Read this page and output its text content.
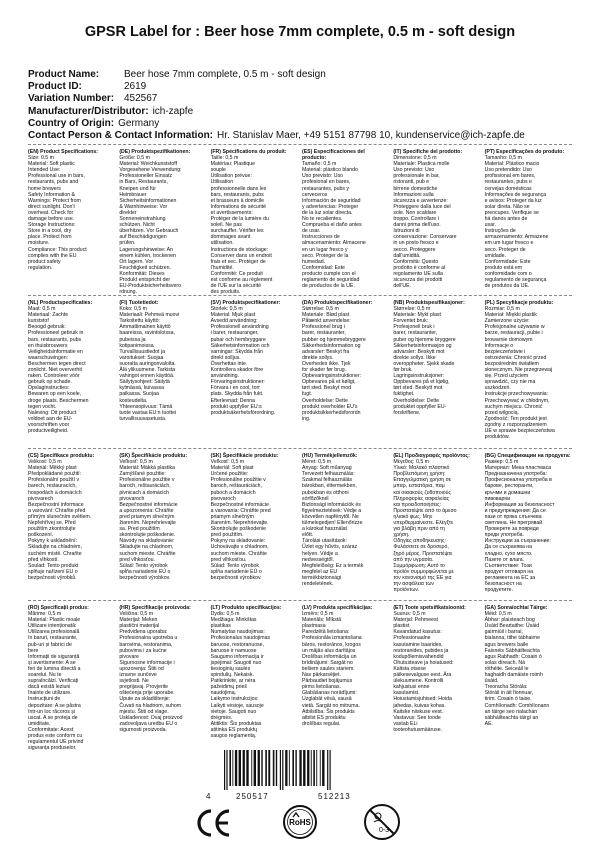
GPSR Label for : Beer hose 7mm complete, 0.5 m - soft design
Product Name: Beer hose 7mm complete, 0.5 m - soft design
Product ID:	2619
Variation Number: 452567
Manufacturer/Distributor: ich-zapfe
Country of Origin: Germany
Contact Person & Contact Information: Hr. Stanislav Maer, +49 5151 87798 10, kundenservice@ich-zapfe.de
(EN) Product Specifications:
Size: 0.5 m
Material: Soft plastic
Intended Use:
Professional use in bars,
restaurants, pubs and
home brewers
Safety Information &
Warnings: Protect from
direct sunlight. Don't
overheat. Check for
damage before use.
Storage Instructions:
Store in a cool, dry
place. Protect from
moisture.
Compliance: This product
complies with the EU
product safety
regulation.
(DE) Produktspezifikationen:
Größe: 0,5 m
Material: Weichkunststoff
Vorgesehene Verwendung:
Professioneller Einsatz
in Bars, Restaurants,
Kneipen und für
Heimbrauer
Sicherheitsinformationen
& Warnhinweise: Vor
direkter
Sonneneinstrahlung
schützen. Nicht
überhitzen. Vor Gebrauch
auf Beschädigungen
prüfen.
Lagerungshinweise: An
einem kühlen, trockenen
Ort lagern. Vor
Feuchtigkeit schützen.
Konformität: Dieses
Produkt entspricht der
EU-Produktsicherheitsvero
rdnung.
(FR) Spécifications du produit:
Taille: 0,5 m
Matériau: Plastique
souple
Utilisation prévue:
Utilisation
professionnelle dans les
bars, restaurants, pubs
et brasseurs à domicile
Informations de sécurité
et avertissements:
Protéger de la lumière du
soleil. Ne pas
surchauffer. Vérifier les
dommages avant
utilisation.
Instructions de stockage:
Conserver dans un endroit
frais et sec. Protéger de
l'humidité.
Conformité: Ce produit
est conforme au règlement
de l'UE sur la sécurité
des produits.
(ES) Especificaciones del producto:
Tamaño: 0,5 m
Material: plástico blando
Uso previsto: Uso
profesional en bares,
restaurantes, pubs y
cerveceros
Información de seguridad
y advertencias: Proteger
de la luz solar directa.
No te recalientes.
Comprueba el daño antes
de usar.
Instrucciones de
almacenamiento: Almacene
en un lugar fresco y
seco. Proteger de la
humedad.
Conformidad: Este
producto cumple con el
reglamento de seguridad
de productos de la UE.
(IT) Specifiche del prodotto:
Dimensione: 0,5 m
Materiale: Plastica molle
Uso previsto: Uso
professionale in bar,
ristoranti, pub e
birrerie domestiche
Informazioni sulla
sicurezza e avvertenze:
Proteggere dalla luce del
sole. Non scaldare
troppo. Controllare i
danni prima dell'uso.
Istruzioni di
conservazione: Conservare
in un posto fresco e
secco. Proteggere
dall'umidità.
Conformità: Questo
prodotto è conforme al
regolamento UE sulla
sicurezza dei prodotti
dell'UE.
(PT) Especificações do produto:
Tamanho: 0,5 m
Material: Plástico macio
Uso pretendido: Uso
profissional em bares,
restaurantes, pubs e
cervejas domésticas
Informações de segurança
e avisos: Proteger da luz
solar direta. Não se
preocupes. Verifique se
há danos antes de
usar.
Instruções de
armazenamento: Armazene
em um lugar fresco e
seco. Proteger de
umidade.
Conformidade: Este
produto está em
conformidade com o
regulamento de segurança
de produtos da UE.
(NL) Productspecificaties:
Maat: 0,5 m
Materiaal: Zachte
kunststof
Beoogd gebruik:
Professioneel gebruik in
bars, restaurants, pubs
en thuisbrouwers
Veiligheidsinformatie en
waarschuwingen:
Beschermen tegen direct
zonlicht. Niet oververhit
raken. Controleer vóór
gebruik op schade.
Opslaginstructies:
Bewaren op een koele,
droge plaats. Beschermen
tegen vocht.
Naleving: Dit product
voldoet aan de EU-
voorschriften voor
productveiligheid.
(FI) Tuotetiedot:
Koko: 0,5 m
Materiaali: Pehmeä muovi
Tarkoitettu käyttö:
Ammattimainen käyttö
baareissa, ravintoloissa,
pubeissa ja
kotipanimoissa
Turvallisuustiedot ja
varoitukset: Suojaa
suoralta auringonvalolta.
Älä ylikuumene. Tarkista
vahingot ennen käyttöä.
Säilytysohjeet: Säilytä
kylmässä, kuivassa
paikassa. Suojaa
kosteudelta.
Yhteensopivuus: Tämä
tuote vastaa EU:n tuottei
turvallisuusasetusta.
(SV) Produktspecifikationer:
Storlek: 0,5 m
Material: Mjuk plast
Avsedd användning:
Professionell användning
i barer, restauranger,
pubar och hembryggare
Säkerhetsinformation och
varningar: Skydda från
direkt solljus.
Överhettas inte.
Kontrollera skador före
användning.
Förvaringsinstruktioner:
Förvara i en cool, torr
plats. Skydda från fukt.
Efterlevnad: Denna
produkt uppfyller EU:s
produktsäkerhetsförordning.
(DA) Produktspecifikationer:
Størrelse: 0,5 m
Materiale: Blød plast
Påtænkt anvendelse:
Professionel brug i
barer, restauranter,
pubber og hjemmebryggere
Sikkerhedsinformation og
advarsler: Beskyt fra
direkte sollys.
Overhedes ikke. Tjek
for skader før brug.
Opbevaringsinstruktioner:
Opbevares på et køligt,
tørt sted. Beskyt mod
fugt.
Overholdelse: Dette
produkt overholder EU's
produktsikkerhedsforordn
ing.
(NB) Produktspesifikasjoner:
Størrelse: 0,5 m
Materiale: Mykt plast
Forventet bruk:
Profesjonell bruk i
barer, restauranter,
puber og hjemme bryggere
Sikkerhetsinformasjon og
advarsler: Beskytt mot
direkte sollys. Ikke
overoppheter. Sjekk skade
før bruk.
Lagringsinstruksjoner:
Oppbevares på et kjølig,
tørt sted. Beskytt mot
fuktighet.
Overholdelse: Dette
produktet oppfyller EU-
forskriftene.
(PL) Specyfikacje produktu:
Rozmiar: 0,5 m
Materiał: Miękki plastik
Zamierzone użycie:
Profesjonalne używanie w
barze, restauracji, pubie i
browarnie domowym
Informacje o
bezpieczeństwie i
ostrzeżenia: Chronić przed
bezpośrednim światłem
słonecznym. Nie przegrzewaj
się. Przed użyciem
sprawdzić, czy nie ma
uszkodzeń.
Instrukcje przechowywania:
Przechowywać w chłodnym,
suchym miejscu. Chronić
przed wilgocią.
Zgodność: Ten produkt jest
zgodny z rozporządzeniem
UE w sprawie bezpieczeństwa
produktów.
(CS) Specifikace produktu:
Velikost: 0,5 m
Materiál: Měkký plast
Předpokládané použití:
Profesionální použití v
barech, restauracích,
hospodách a domácích
pivovarech
Bezpečnostní informace
a varování: Chraňte před
přímým slunečním světlem.
Nepřehřívej se. Před
použitím zkontrolujte
poškození.
Pokyny k uskladnění:
Skladujte na chladném,
suchém místě. Chraňte
před vlhkostí.
Soulad: Tento produkt
splňuje nařízení EU o
bezpečnosti výrobků.
(SK) Špecifikácie produktu:
Veľkosť: 0,5 m
Materiál: Mäkká plastika
Zamýšľané použitie:
Profesionálne použitie v
baroch, reštauráciách,
pivnicach a domácich
pivovaroch
Bezpečnostné informácie
a upozornenia: Chráňte
pred priamym slnečným
žiarením. Neprehrievajte
sa. Pred použitím
skontrolujte poškodenie.
Návody na skladovanie:
Skladujte na chladnom,
suchom mieste. Chráňte
pred vlhkosťou.
Súlad: Tento výrobok
spĺňa nariadenie EÚ o
bezpečnosti výrobkov.
(SK) Špecifikácie produktu:
Veľkosť: 0,5 m
Materiál: Soft plast
Určené použitie:
Profesionálne použitie v
baroch, reštauráciách,
puboch a domácich
pivovaroch
Bezpečnostné informácie
a varovania: Chráňte pred
priamym slnečným
žiarením. Neprehrievajte.
Skontrolujte poškodenie
pred použitím.
Pokyny na skladovanie:
Uchovávajte v chladnom,
suchom mieste. Chráňte
pred vlhkosťou.
Súlad: Tento výrobok
spĺňa nariadenie EÚ o
bezpečnosti výrobkov.
(HU) Termékjellemzők:
Méret: 0,5 m
Anyag: Soft műanyag
Tervezett felhasználás:
Szakmai felhasználás
bárokban, éttermekben,
pubokban és otthoni
sörfőzőknél
Biztonsági információk és
figyelmeztetések: Védje a
közvetlen napfénytől. Ne
túlmelegedjen! Ellenőrizze
a károkat használat
előtt.
Tárolási utasítások:
Űzlet egy hűvös, száraz
helyen. Védje a
nedvességtől.
Megfelelőség: Ez a termék
megfelel az EU
termékbiztonsági
rendeletének.
(EL) Προδιαγραφές προϊόντος:
Μέγεθος: 0,5 m
Υλικό: Μαλακό πλαστικό
Προβλεπόμενη χρήση:
Επαγγελματική χρήση σε
μπαρ, εστιατόρια, παμ
και οικιακούς ζυθοποιούς
Πληροφορίες ασφαλείας
και προειδοποιήσεις:
Προστατέψτε από το άμεσο
ηλιακό φως. Μην
υπερθερμαίνεστε. Ελέγξτε
για βλάβη πριν από τη
χρήση.
Οδηγίες αποθήκευσης:
Φυλάσσετε σε δροσερό,
ξηρό μέρος. Προστατέψτε
από την υγρασία.
Συμμόρφωση: Αυτό το
προϊόν συμμορφώνεται με
τον κανονισμό της ΕΕ για
την ασφάλεια των
προϊόντων.
(BG) Спецификации на продукта:
Размер: 0,5 m
Материал: Мека пластмаса
Предназначена употреба:
Професионална употреба в
барове, ресторанти,
кръчми и домашни
пивоварни
Информация за безопасност
и предупреждения: Да се
пази от пряка слънчева
светлина. Не прегрявай.
Проверете за повреди
преди употреба.
Инструкции за съхранение:
Да се съхранява на
хладно, сухо място.
Пазете от влага.
Съответствие: Този
продукт отговаря на
регламента на ЕС за
безопасност на
продуктите.
(RO) Specificații produs:
Mărime: 0,5 m
Material: Plastic moale
Utilizare intenționată:
Utilizarea profesională
în baruri, restaurante,
pub-uri și fabrici de
bere
Informații de siguranță
și avertismente: A se
feri de lumina directă a
soarelui. Nu te
supraîncălzi. Verificați
dacă există leziuni
înainte de utilizare.
Instrucțiuni de
depozitare: A se păstra
într-un loc răcoros și
uscat. A se proteja de
umiditate.
Conformitate: Acest
produs este conform cu
regulamentul UE privind
siguranța produselor.
(HR) Specifikacije proizvoda:
Veličina: 0,5 m
Materijal: Meken
plastični materijal
Predviđena uporaba:
Profesionalna upotreba u
barovima, restoranima,
pubovima i za kućne
pivovare
Sigurnosne informacije i
upozorenja: Štiti od
izravne sunčeve
svjetlosti. Ne
pregrijavaj. Provjerite
oštećenja prije uporabe.
Upute za skladištenje:
Čuvati na hladnom, suhom
mjestu. Štiti od vlage.
Usklađenost: Ovaj proizvod
zadovoljava uredbu EU o
sigurnosti proizvoda.
(LT) Produkto specifikacijos:
Dydis: 0,5 m
Medžiaga: Minkštas
plastikas
Numatytas naudojimas:
Profesionalus naudojimas
baruose, restoranuose,
baruose ir namuose
Saugumo informacija ir
įspėjimai: Saugoti nuo
tiesioginių saulės
spindulių. Nekaisk.
Patikrinkite, ar nėra
pažeidimų prieš
naudojimą.
Laikymo instrukcijos:
Laikyti vėsioje, sausoje
vietoje. Saugoti nuo
drėgmės.
Atitiktis: Šis produktas
atitinka ES produktų
saugos reglamentą.
(LV) Produkta specifikācijas:
Izmērs: 0,5 m
Materiāls: Mīkstā
plastmasa
Paredzētā lietošana:
Profesionāla izmantošana
bāros, restorānos, krogos
un mājās alus darītājos
Drošības informācija un
brīdinājumi: Sargāt no
tiešiem saules stariem.
Nav pārkarsējiet.
Pārbaudiet bojājumus
pirms lietošanas.
Glabāšanas norādījumi:
Uzglabāt vēsā, sausā
vietā. Sargāt no mitruma.
Atbilstība: Šis produkts
atbilst ES produktu
drošības regulai.
(ET) Toote spetsifikatsioonid:
Suurus: 0,5 m
Materjal: Pehmeest
plastist
Kavandatud kasutus:
Professionaalne
kasutamine baarides,
restoranides, pubides ja
kodupõlemisvahendid
Ohutusteave ja hoiatused:
Kaitsta otsese
päikesevalguse eest. Ära
ülekuumene. Kontrolli
kahjustusi enne
kasutamist.
Hoiustamisjuhised: Hoida
jahedas, kuivas kohas.
Kaitske niiskuse eest.
Vastavus: See toode
vastab ELi
tooteohutusmääruse.
(GA) Sonraíochtaí Táirge:
Méid: 0,5 m
Ábhar: plaisteach bog
Úsáid Beartaithe: Úsáid
gairmiúil i barraí,
bialanna, tithe tábhairne
agus brewers baile
Faisnéis Sábháilteachta
agus Rabhadh: Cosain ó
solas díreach. Ná
róthéite. Seiceáil le
haghaidh damáiste roimh
úsáid.
Treoracha Stórála:
Stóráil in áit fionnuar,
tirim. Cosain ó taise.
Comhlíonadh: Comhlíonann
an táirge seo rialachán
sábháilteachta táirgí an
AE.
4	250517	512213
RoHS
0-3
